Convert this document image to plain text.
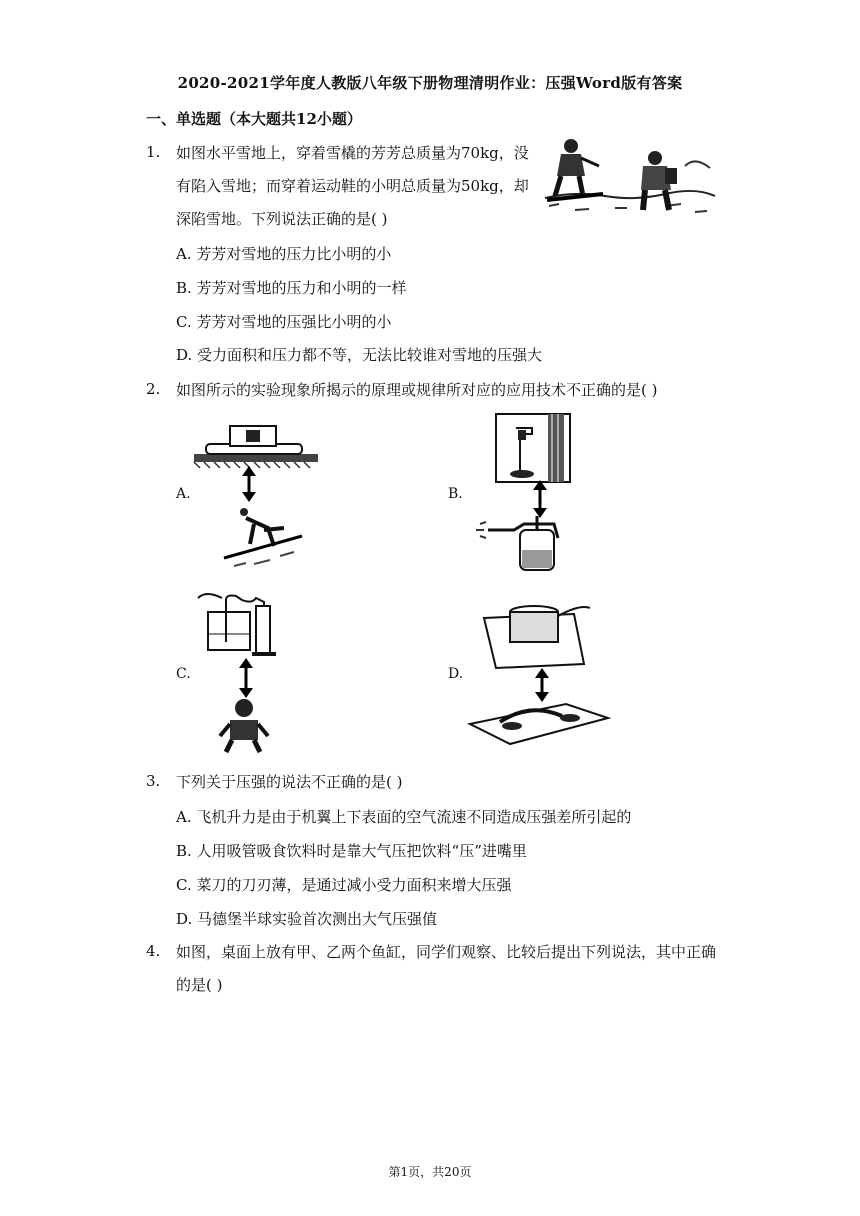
2020-2021学年度人教版八年级下册物理清明作业：压强Word版有答案
一、单选题（本大题共12小题）
1. 如图水平雪地上，穿着雪橇的芳芳总质量为70kg，没
有陷入雪地；而穿着运动鞋的小明总质量为50kg，却
深陷雪地。下列说法正确的是( )
A. 芳芳对雪地的压力比小明的小
B. 芳芳对雪地的压力和小明的一样
C. 芳芳对雪地的压强比小明的小
D. 受力面积和压力都不等，无法比较谁对雪地的压强大
2. 如图所示的实验现象所揭示的原理或规律所对应的应用技术不正确的是( )
A.	B.
C.	D.
3. 下列关于压强的说法不正确的是( )
A. 飞机升力是由于机翼上下表面的空气流速不同造成压强差所引起的
B. 人用吸管吸食饮料时是靠大气压把饮料“压”进嘴里
C. 菜刀的刀刃薄，是通过减小受力面积来增大压强
D. 马德堡半球实验首次测出大气压强值
4. 如图，桌面上放有甲、乙两个鱼缸，同学们观察、比较后提出下列说法，其中正确
的是( )
第1页，共20页
